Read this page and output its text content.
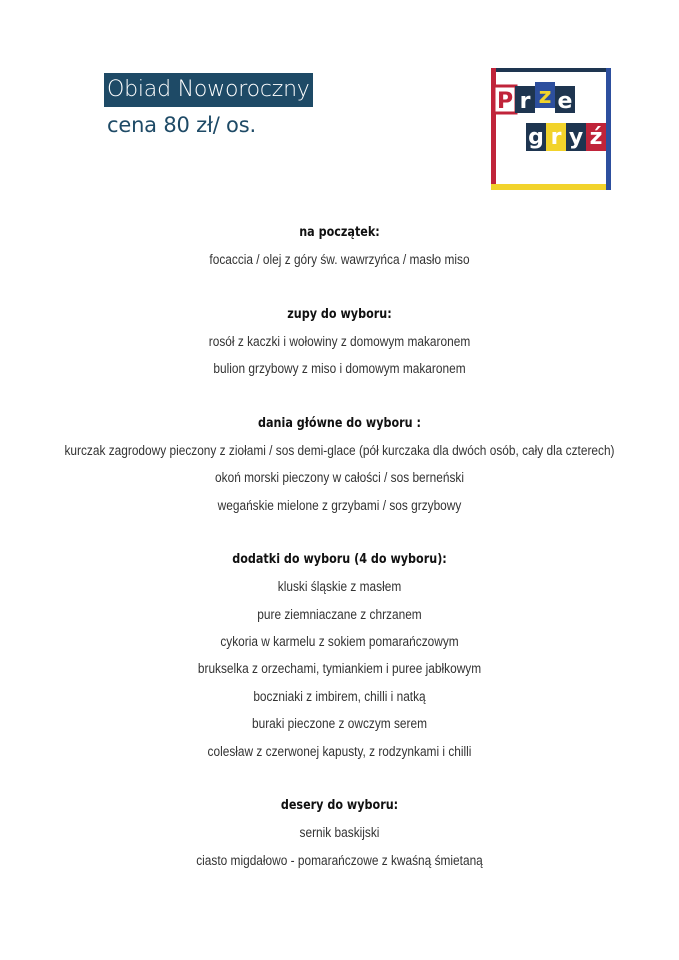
Obiad Noworoczny
cena 80 zł/ os.
P r z e
g r y ź
na początek:
focaccia / olej z góry św. wawrzyńca / masło miso
zupy do wyboru:
rosół z kaczki i wołowiny z domowym makaronem
bulion grzybowy z miso i domowym makaronem
dania główne do wyboru :
kurczak zagrodowy pieczony z ziołami / sos demi-glace (pół kurczaka dla dwóch osób, cały dla czterech)
okoń morski pieczony w całości / sos berneński
wegańskie mielone z grzybami / sos grzybowy
dodatki do wyboru (4 do wyboru):
kluski śląskie z masłem
pure ziemniaczane z chrzanem
cykoria w karmelu z sokiem pomarańczowym
brukselka z orzechami, tymiankiem i puree jabłkowym
boczniaki z imbirem, chilli i natką
buraki pieczone z owczym serem
colesław z czerwonej kapusty, z rodzynkami i chilli
desery do wyboru:
sernik baskijski
ciasto migdałowo - pomarańczowe z kwaśną śmietaną
